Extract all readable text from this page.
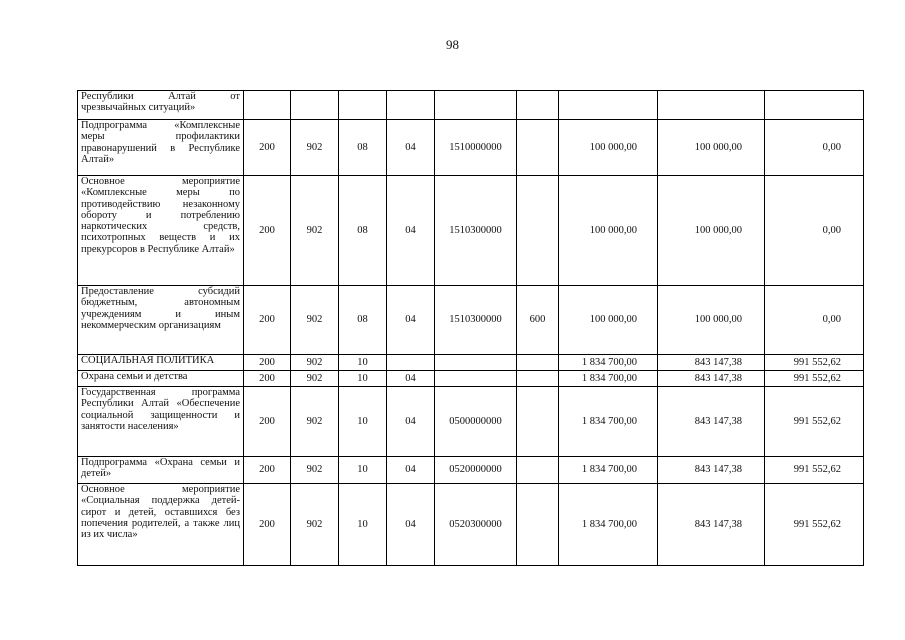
98
Республики Алтай от чрезвычайных ситуаций»									
Подпрограмма «Комплексные меры профилактики правонарушений в Республике Алтай»	200	902	08	04	1510000000		100 000,00	100 000,00	0,00
Основное мероприятие «Комплексные меры по противодействию незаконному обороту и потреблению наркотических средств, психотропных веществ и их прекурсоров в Республике Алтай»	200	902	08	04	1510300000		100 000,00	100 000,00	0,00
Предоставление субсидий бюджетным, автономным учреждениям и иным некоммерческим организациям	200	902	08	04	1510300000	600	100 000,00	100 000,00	0,00
СОЦИАЛЬНАЯ ПОЛИТИКА	200	902	10				1 834 700,00	843 147,38	991 552,62
Охрана семьи и детства	200	902	10	04			1 834 700,00	843 147,38	991 552,62
Государственная программа Республики Алтай «Обеспечение социальной защищенности и занятости населения»	200	902	10	04	0500000000		1 834 700,00	843 147,38	991 552,62
Подпрограмма «Охрана семьи и детей»	200	902	10	04	0520000000		1 834 700,00	843 147,38	991 552,62
Основное мероприятие «Социальная поддержка детей-сирот и детей, оставшихся без попечения родителей, а также лиц из их числа»	200	902	10	04	0520300000		1 834 700,00	843 147,38	991 552,62
